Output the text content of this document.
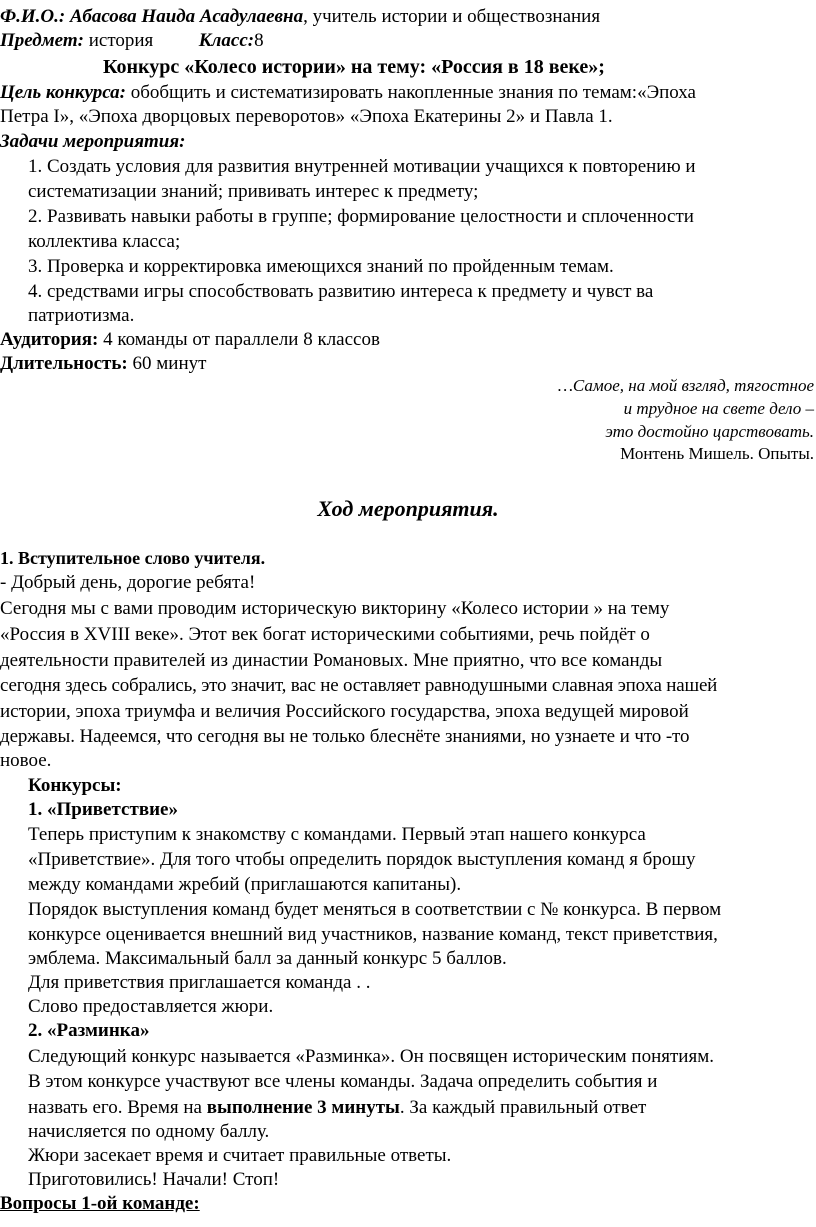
Ф.И.О.: Абасова Наида Асадулаевна, учитель истории и обществознания
Предмет: история Класс:8
Конкурс «Колесо истории» на тему: «Россия в 18 веке»;
Цель конкурса: обобщить и систематизировать накопленные знания по темам:«Эпоха
Петра I», «Эпоха дворцовых переворотов» «Эпоха Екатерины 2» и Павла 1.
Задачи мероприятия:
1. Создать условия для развития внутренней мотивации учащихся к повторению и
систематизации знаний; прививать интерес к предмету;
2. Развивать навыки работы в группе; формирование целостности и сплоченности
коллектива класса;
3. Проверка и корректировка имеющихся знаний по пройденным темам.
4. средствами игры способствовать развитию интереса к предмету и чувст ва
патриотизма.
Аудитория: 4 команды от параллели 8 классов
Длительность: 60 минут
…Самое, на мой взгляд, тягостное
и трудное на свете дело –
это достойно царствовать.
Монтень Мишель. Опыты.
Ход мероприятия.
1. Вступительное слово учителя.
- Добрый день, дорогие ребята!
Сегодня мы с вами проводим историческую викторину «Колесо истории » на тему
«Россия в XVIII веке». Этот век богат историческими событиями, речь пойдёт о
деятельности правителей из династии Романовых. Мне приятно, что все команды
сегодня здесь собрались, это значит, вас не оставляет равнодушными славная эпоха нашей
истории, эпоха триумфа и величия Российского государства, эпоха ведущей мировой
державы. Надеемся, что сегодня вы не только блеснёте знаниями, но узнаете и что -то
новое.
Конкурсы:
1. «Приветствие»
Теперь приступим к знакомству с командами. Первый этап нашего конкурса
«Приветствие». Для того чтобы определить порядок выступления команд я брошу
между командами жребий (приглашаются капитаны).
Порядок выступления команд будет меняться в соответствии с № конкурса. В первом
конкурсе оценивается внешний вид участников, название команд, текст приветствия,
эмблема. Максимальный балл за данный конкурс 5 баллов.
Для приветствия приглашается команда . .
Слово предоставляется жюри.
2. «Разминка»
Следующий конкурс называется «Разминка». Он посвящен историческим понятиям.
В этом конкурсе участвуют все члены команды. Задача определить события и
назвать его. Время на выполнение 3 минуты. За каждый правильный ответ
начисляется по одному баллу.
Жюри засекает время и считает правильные ответы.
Приготовились! Начали! Стоп!
Вопросы 1-ой команде:
